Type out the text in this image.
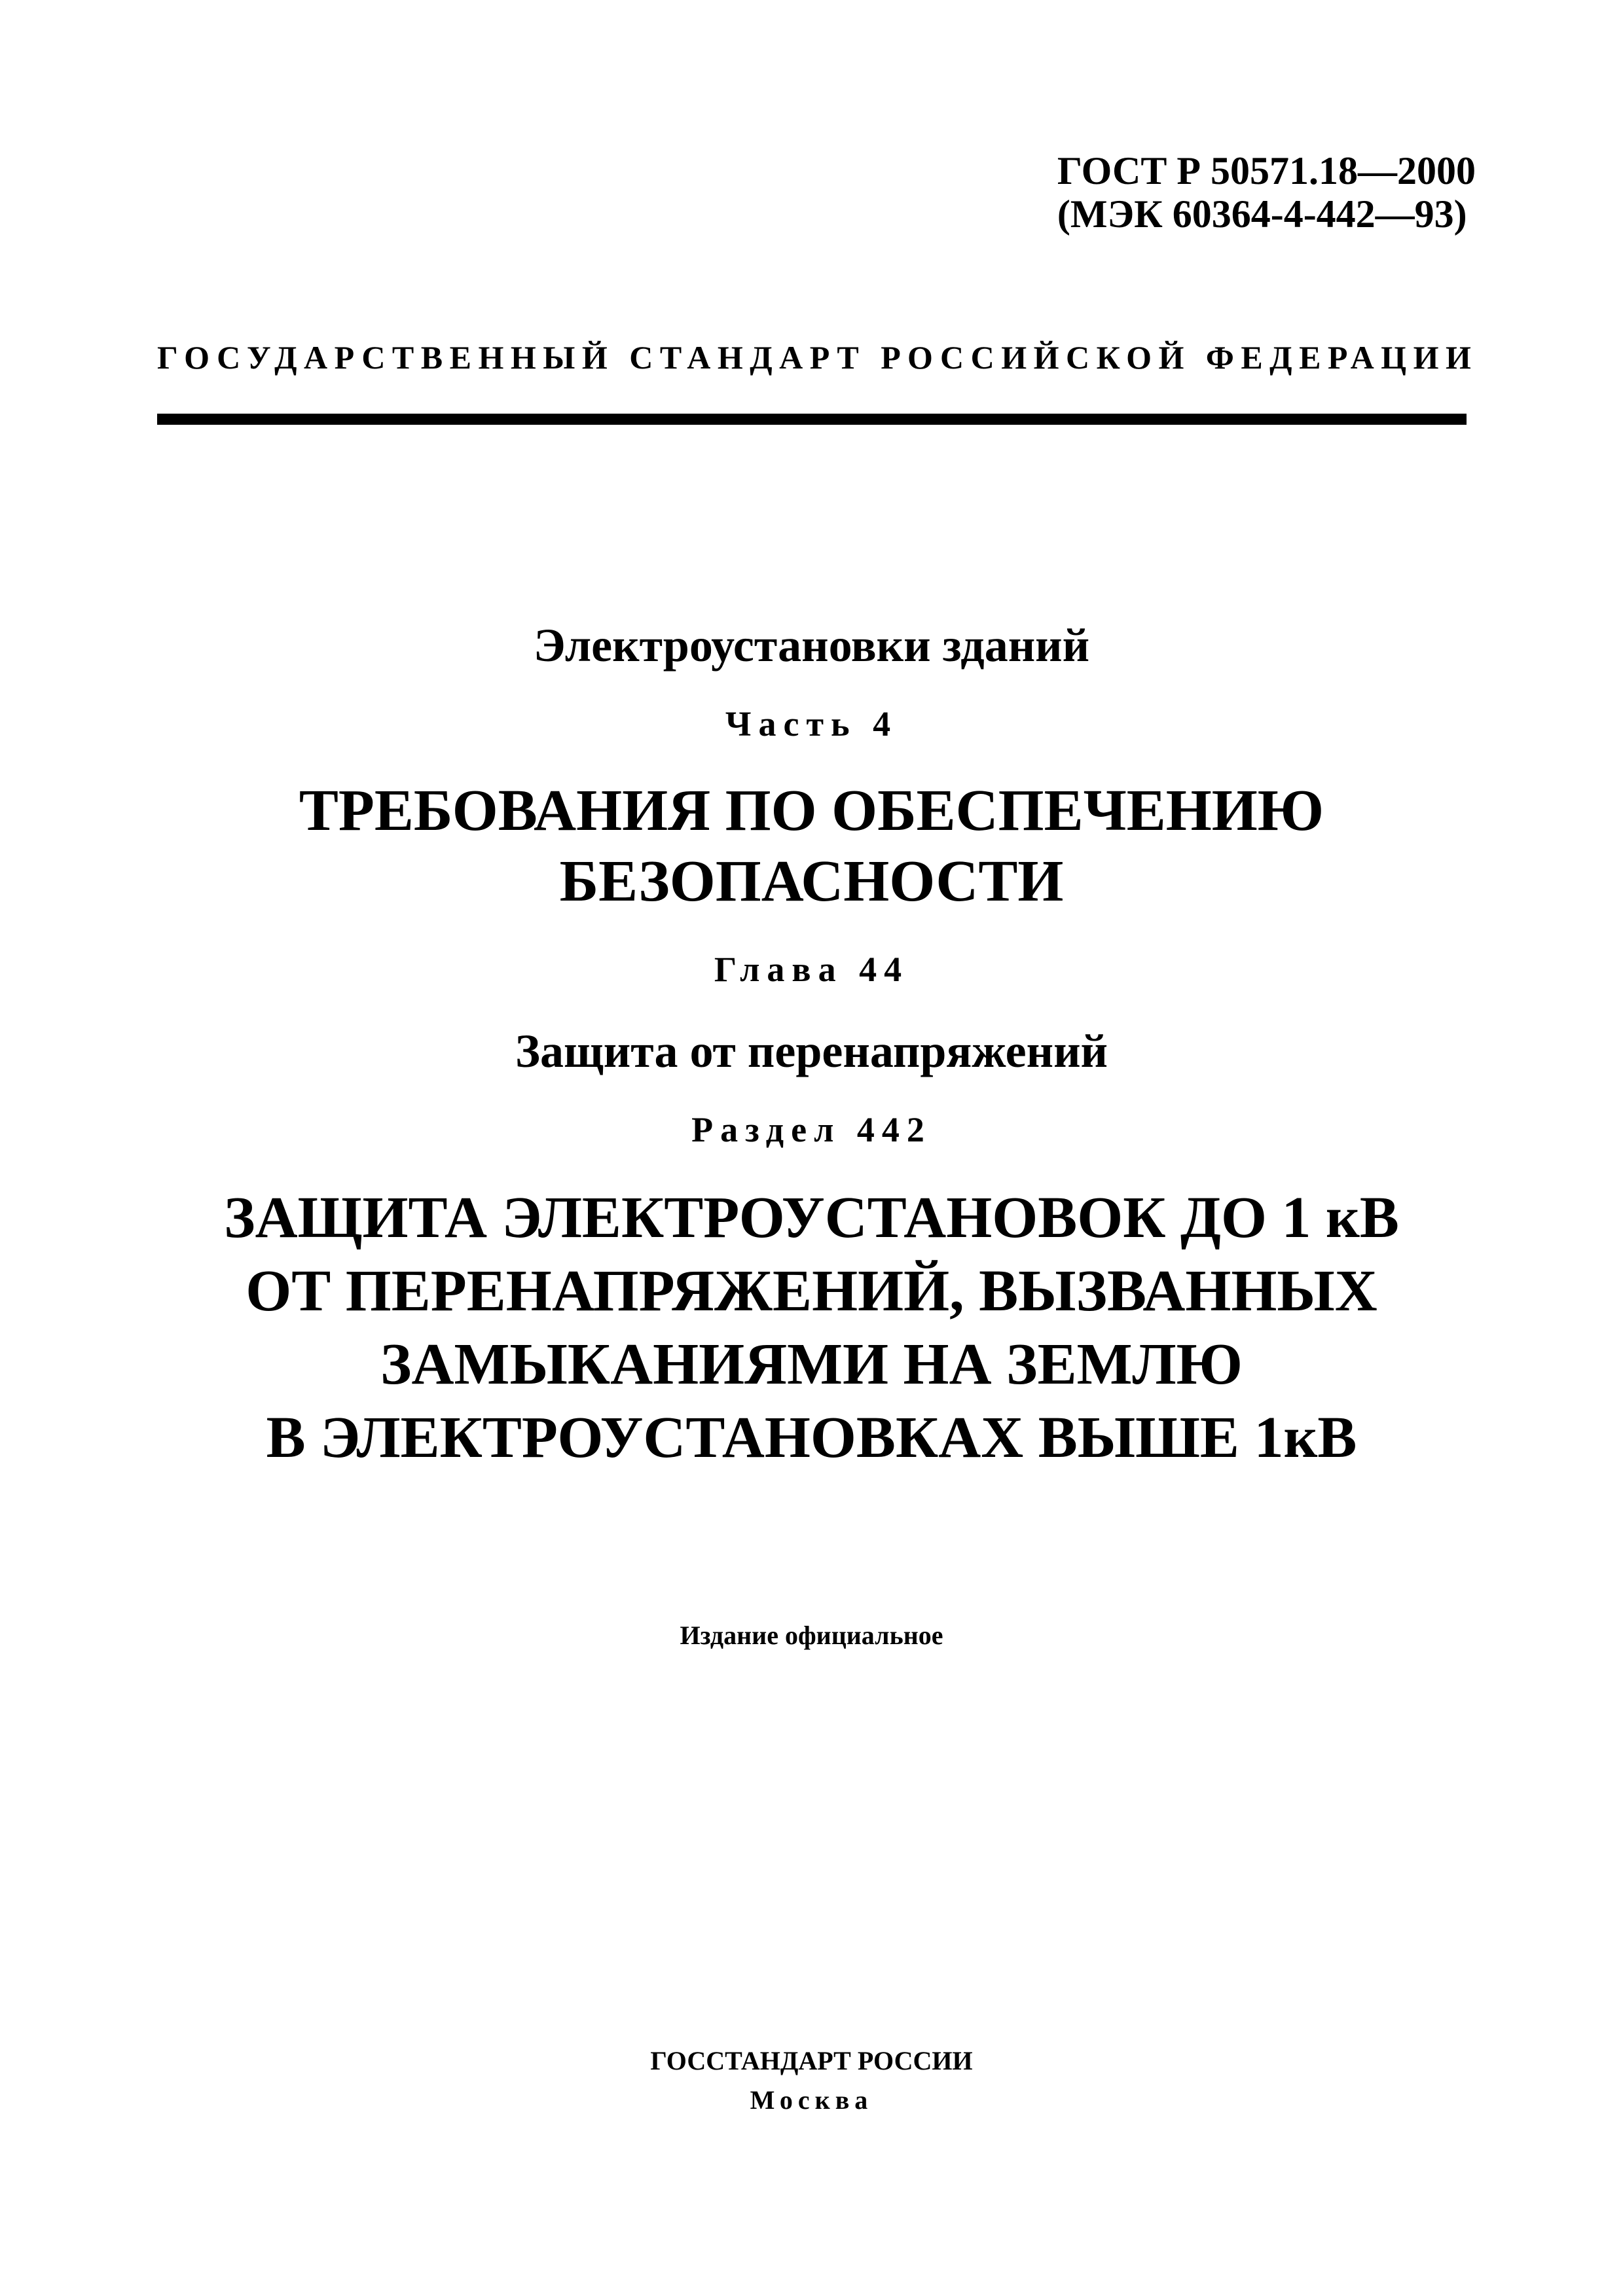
ГОСТ Р 50571.18—2000
(МЭК 60364-4-442—93)
ГОСУДАРСТВЕННЫЙ СТАНДАРТ РОССИЙСКОЙ ФЕДЕРАЦИИ
Электроустановки зданий
Часть 4
ТРЕБОВАНИЯ ПО ОБЕСПЕЧЕНИЮ
БЕЗОПАСНОСТИ
Глава 44
Защита от перенапряжений
Раздел 442
ЗАЩИТА ЭЛЕКТРОУСТАНОВОК ДО 1 кВ
ОТ ПЕРЕНАПРЯЖЕНИЙ, ВЫЗВАННЫХ
ЗАМЫКАНИЯМИ НА ЗЕМЛЮ
В ЭЛЕКТРОУСТАНОВКАХ ВЫШЕ 1кВ
Издание официальное
ГОССТАНДАРТ РОССИИ
Москва
